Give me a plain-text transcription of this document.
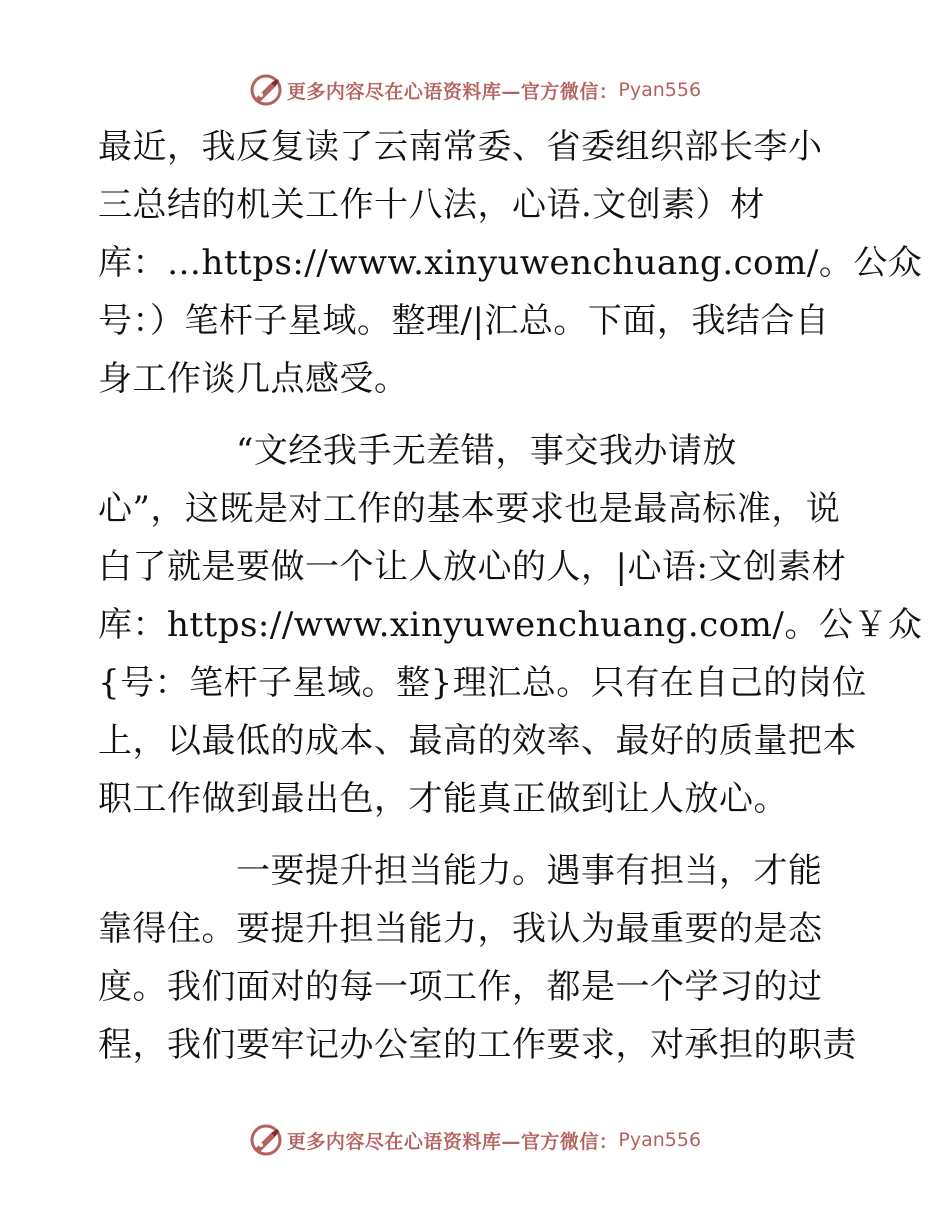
更多内容尽在心语资料库—官方微信： Pyan556
最近，我反复读了云南常委、省委组织部长李小
三总结的机关工作十八法，心语.文创素）材
库：…https://www.xinyuwenchuang.com/。公众
号：）笔杆子星域。整理/|汇总。下面，我结合自
身工作谈几点感受。
　　　　“文经我手无差错，事交我办请放
心”，这既是对工作的基本要求也是最高标准，说
白了就是要做一个让人放心的人，|心语:文创素材
库：https://www.xinyuwenchuang.com/。公￥众
{号：笔杆子星域。整}理汇总。只有在自己的岗位
上，以最低的成本、最高的效率、最好的质量把本
职工作做到最出色，才能真正做到让人放心。
　　　　一要提升担当能力。遇事有担当，才能
靠得住。要提升担当能力，我认为最重要的是态
度。我们面对的每一项工作，都是一个学习的过
程，我们要牢记办公室的工作要求，对承担的职责
更多内容尽在心语资料库—官方微信： Pyan556
